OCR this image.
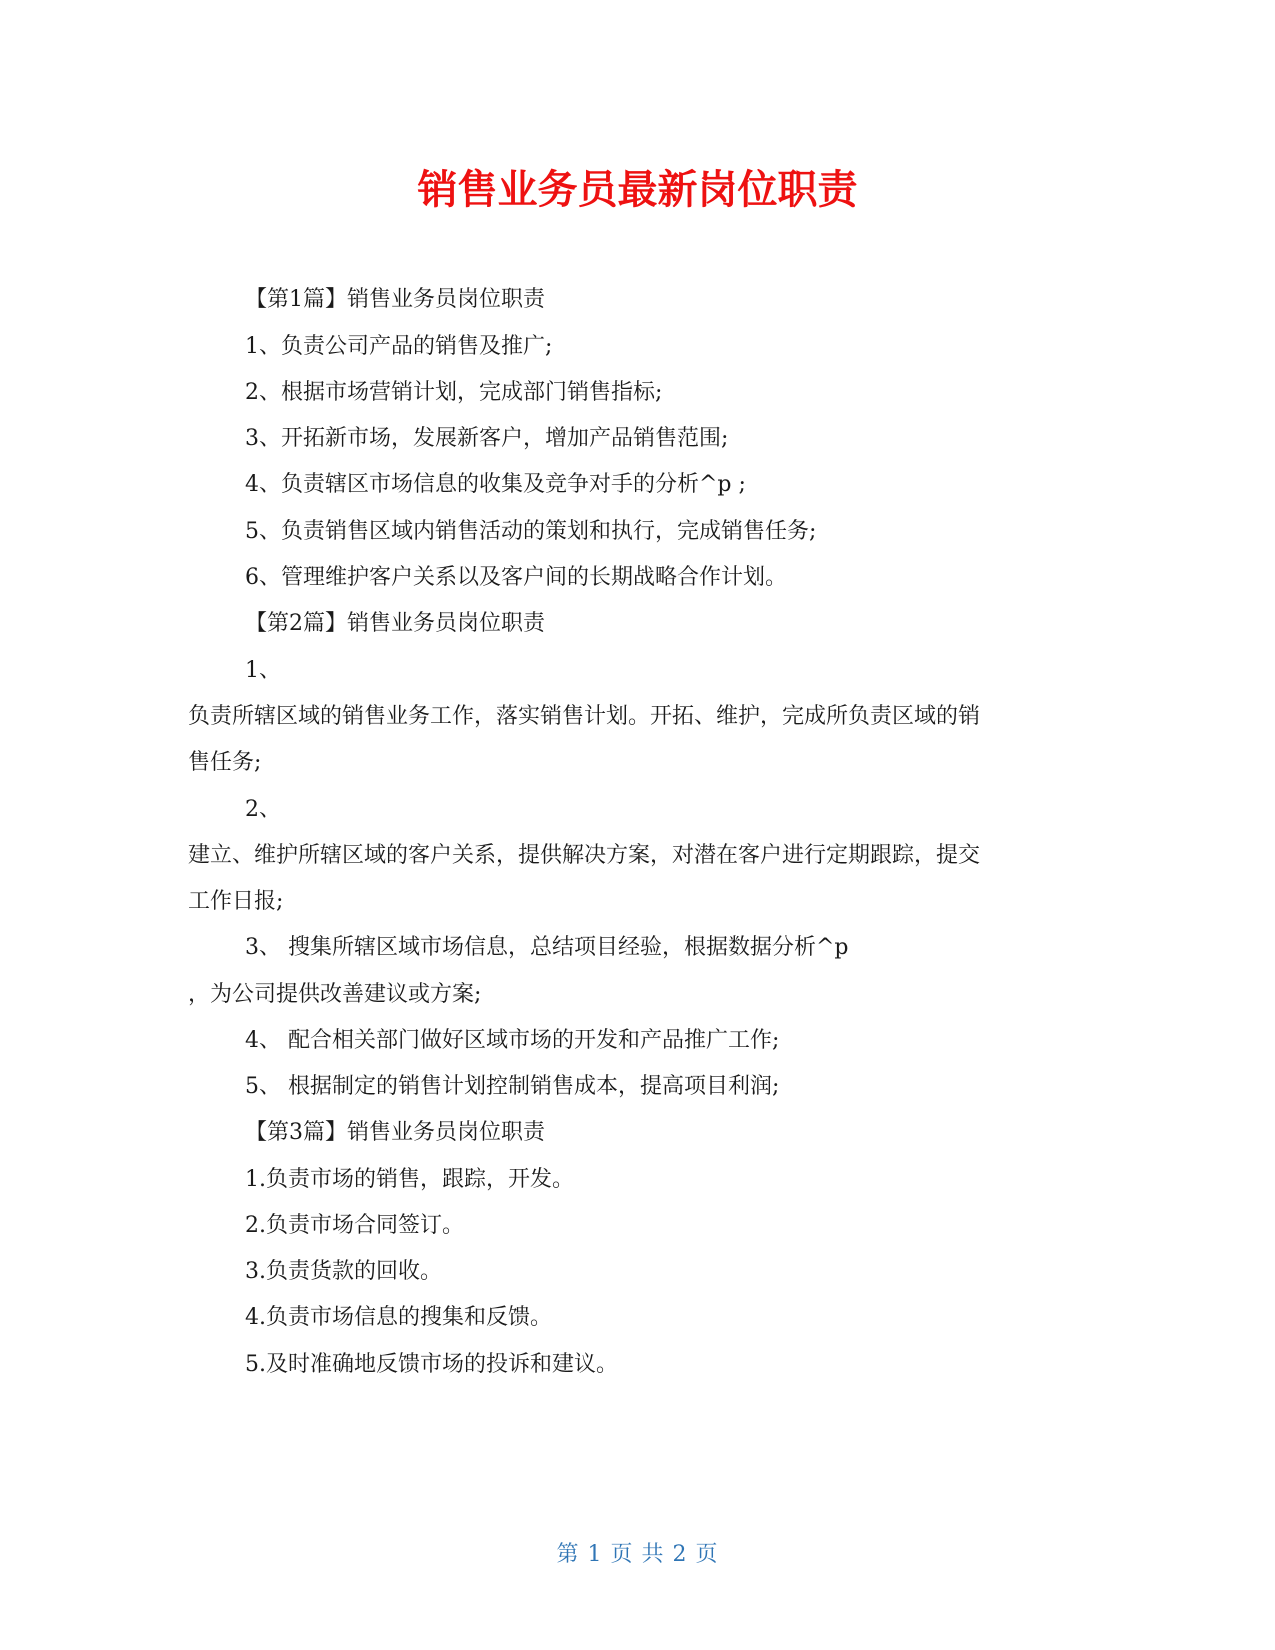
销售业务员最新岗位职责
【第1篇】销售业务员岗位职责
1、负责公司产品的销售及推广;
2、根据市场营销计划，完成部门销售指标;
3、开拓新市场，发展新客户，增加产品销售范围;
4、负责辖区市场信息的收集及竞争对手的分析^p ;
5、负责销售区域内销售活动的策划和执行，完成销售任务;
6、管理维护客户关系以及客户间的长期战略合作计划。
【第2篇】销售业务员岗位职责
1、
负责所辖区域的销售业务工作，落实销售计划。开拓、维护，完成所负责区域的销
售任务;
2、
建立、维护所辖区域的客户关系，提供解决方案，对潜在客户进行定期跟踪，提交
工作日报;
3、 搜集所辖区域市场信息，总结项目经验，根据数据分析^p
，为公司提供改善建议或方案;
4、 配合相关部门做好区域市场的开发和产品推广工作;
5、 根据制定的销售计划控制销售成本，提高项目利润;
【第3篇】销售业务员岗位职责
1.负责市场的销售，跟踪，开发。
2.负责市场合同签订。
3.负责货款的回收。
4.负责市场信息的搜集和反馈。
5.及时准确地反馈市场的投诉和建议。
第 1 页 共 2 页
